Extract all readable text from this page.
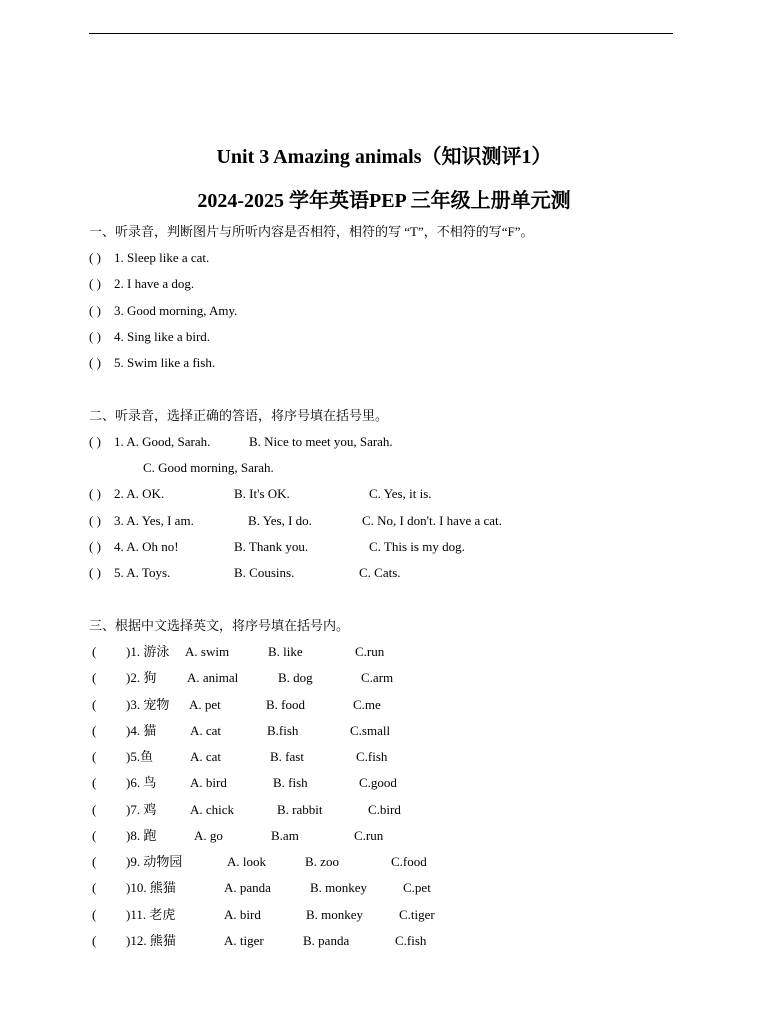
Unit 3 Amazing animals（知识测评1）
2024-2025 学年英语PEP 三年级上册单元测
一、听录音，判断图片与所听内容是否相符，相符的写 “T”，不相符的写“F”。
( ) 1. Sleep like a cat.
( ) 2. I have a dog.
( ) 3. Good morning, Amy.
( ) 4. Sing like a bird.
( ) 5. Swim like a fish.
二、听录音，选择正确的答语，将序号填在括号里。
( ) 1. A. Good, Sarah.	B. Nice to meet you, Sarah.
C. Good morning, Sarah.
( ) 2. A. OK.	B. It's OK.	C. Yes, it is.
( ) 3. A. Yes, I am.	B. Yes, I do.	C. No, I don't. I have a cat.
( ) 4. A. Oh no!	B. Thank you.	C. This is my dog.
( ) 5. A. Toys.	B. Cousins.	C. Cats.
三、根据中文选择英文，将序号填在括号内。
( )1. 游泳 A. swim	B. like	C.run
( )2. 狗 A. animal	B. dog	C.arm
( )3. 宠物 A. pet	B. food	C.me
( )4. 猫	A. cat	B.fish	C.small
( )5.鱼	A. cat	B. fast	C.fish
( )6. 鸟	A. bird	B. fish	C.good
( )7. 鸡	A. chick	B. rabbit	C.bird
( )8. 跑	A. go	B.am	C.run
( )9. 动物园	A. look	B. zoo	C.food
( )10. 熊猫	A. panda	B. monkey	C.pet
( )11. 老虎	A. bird	B. monkey	C.tiger
( )12. 熊猫	A. tiger	B. panda	C.fish
